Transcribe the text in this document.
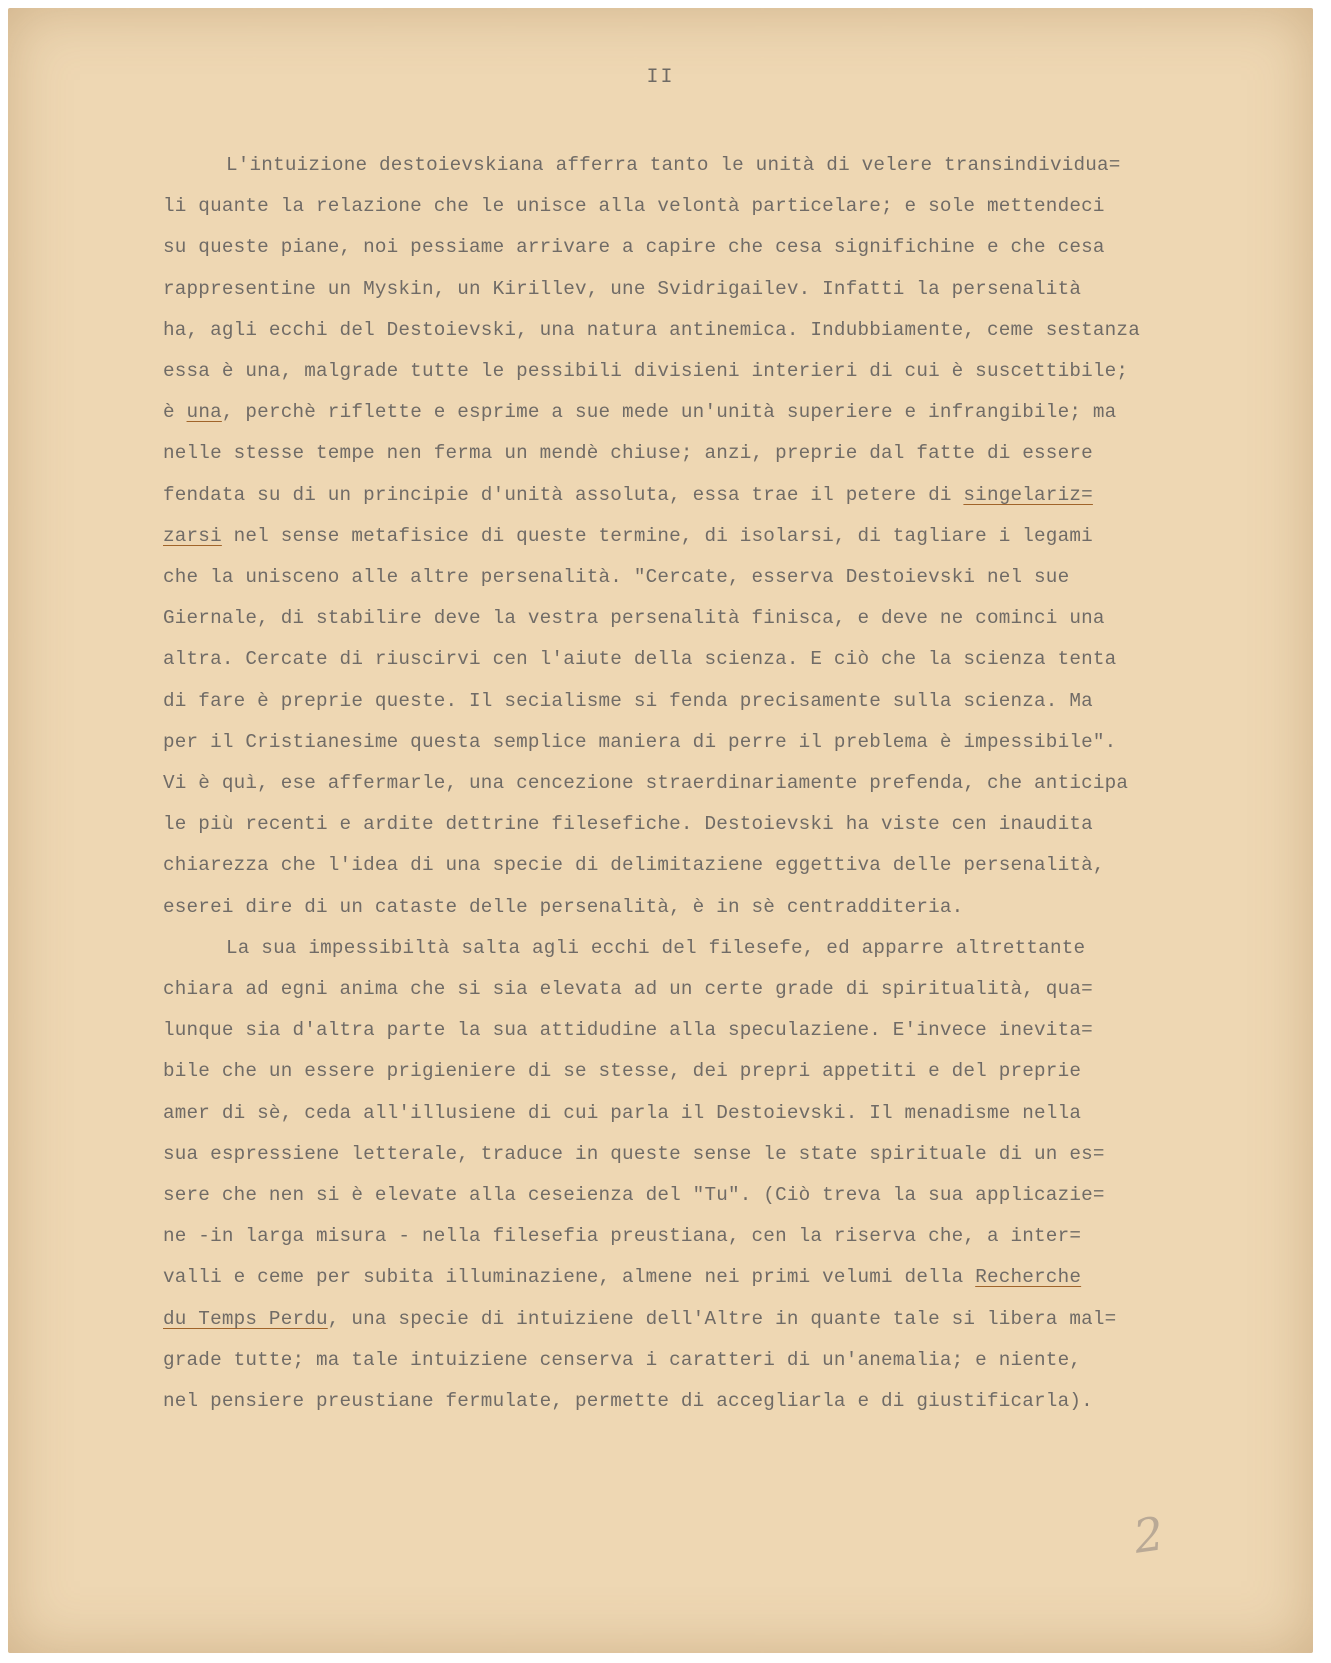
II
L'intuizione destoievskiana afferra tanto le unità di velere transindividua=
li quante la relazione che le unisce alla velontà particelare; e sole mettendeci
su queste piane, noi pessiame arrivare a capire che cesa significhine e che cesa
rappresentine un Myskin, un Kirillev, une Svidrigailev. Infatti la persenalità
ha, agli ecchi del Destoievski, una natura antinemica. Indubbiamente, ceme sestanza
essa è una, malgrade tutte le pessibili divisieni interieri di cui è suscettibile;
è una, perchè riflette e esprime a sue mede un'unità superiere e infrangibile; ma
nelle stesse tempe nen ferma un mendè chiuse; anzi, preprie dal fatte di essere
fendata su di un principie d'unità assoluta, essa trae il petere di singelariz=
zarsi nel sense metafisice di queste termine, di isolarsi, di tagliare i legami
che la unisceno alle altre persenalità. "Cercate, esserva Destoievski nel sue
Giernale, di stabilire deve la vestra persenalità finisca, e deve ne cominci una
altra. Cercate di riuscirvi cen l'aiute della scienza. E ciò che la scienza tenta
di fare è preprie queste. Il secialisme si fenda precisamente sulla scienza. Ma
per il Cristianesime questa semplice maniera di perre il preblema è impessibile".
Vi è quì, ese affermarle, una cencezione straerdinariamente prefenda, che anticipa
le più recenti e ardite dettrine filesefiche. Destoievski ha viste cen inaudita
chiarezza che l'idea di una specie di delimitaziene eggettiva delle persenalità,
eserei dire di un cataste delle persenalità, è in sè centradditeria.
La sua impessibiltà salta agli ecchi del filesefe, ed apparre altrettante
chiara ad egni anima che si sia elevata ad un certe grade di spiritualità, qua=
lunque sia d'altra parte la sua attidudine alla speculaziene. E'invece inevita=
bile che un essere prigieniere di se stesse, dei prepri appetiti e del preprie
amer di sè, ceda all'illusiene di cui parla il Destoievski. Il menadisme nella
sua espressiene letterale, traduce in queste sense le state spirituale di un es=
sere che nen si è elevate alla ceseienza del "Tu". (Ciò treva la sua applicazie=
ne -in larga misura - nella filesefia preustiana, cen la riserva che, a inter=
valli e ceme per subita illuminaziene, almene nei primi velumi della Recherche
du Temps Perdu, una specie di intuiziene dell'Altre in quante tale si libera mal=
grade tutte; ma tale intuiziene censerva i caratteri di un'anemalia; e niente,
nel pensiere preustiane fermulate, permette di accegliarla e di giustificarla).
2
